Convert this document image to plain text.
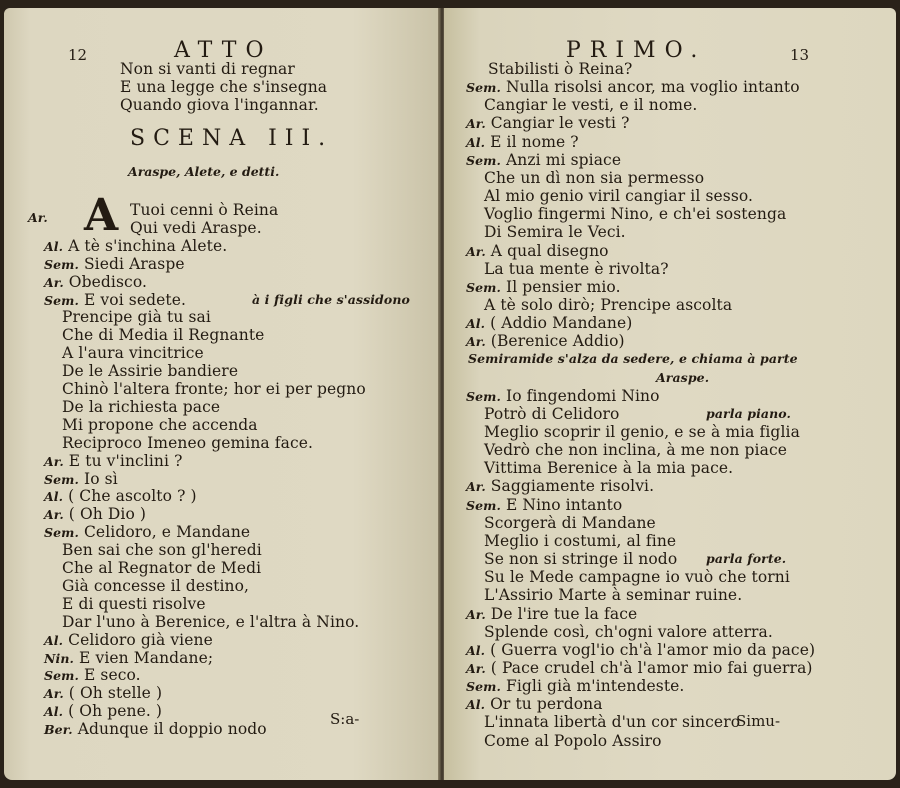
12	ATTO
SCENA III.
Araspe, Alete, e detti.
A
S:a-
Non si vanti di regnar
E una legge che s'insegna
Quando giova l'ingannar.
Tuoi cenni ò Reina
Ar.
Qui vedi Araspe.
Al. A tè s'inchina Alete.
Sem. Siedi Araspe
Ar. Obedisco.
Sem. E voi sedete.	à i figli che s'assidono
Prencipe già tu sai
Che di Media il Regnante
A l'aura vincitrice
De le Assirie bandiere
Chinò l'altera fronte; hor ei per pegno
De la richiesta pace
Mi propone che accenda
Reciproco Imeneo gemina face.
Ar. E tu v'inclini ?
Sem. Io sì
Al. ( Che ascolto ? )
Ar. ( Oh Dio )
Sem. Celidoro, e Mandane
Ben sai che son gl'heredi
Che al Regnator de Medi
Già concesse il destino,
E di questi risolve
Dar l'uno à Berenice, e l'altra à Nino.
Al. Celidoro già viene
Nin. E vien Mandane;
Sem. E seco.
Ar. ( Oh stelle )
Al. ( Oh pene. )
Ber. Adunque il doppio nodo
PRIMO.	13
Simu-
Stabilisti ò Reina?
Sem. Nulla risolsi ancor, ma voglio intanto
Cangiar le vesti, e il nome.
Ar. Cangiar le vesti ?
Al. E il nome ?
Sem. Anzi mi spiace
Che un dì non sia permesso
Al mio genio viril cangiar il sesso.
Voglio fingermi Nino, e ch'ei sostenga
Di Semira le Veci.
Ar. A qual disegno
La tua mente è rivolta?
Sem. Il pensier mio.
A tè solo dirò; Prencipe ascolta
Al. ( Addio Mandane)
Ar. (Berenice Addio)
Semiramide s'alza da sedere, e chiama à parte
Araspe.
Sem. Io fingendomi Nino
Potrò di Celidoro	parla piano.
Meglio scoprir il genio, e se à mia figlia
Vedrò che non inclina, à me non piace
Vittima Berenice à la mia pace.
Ar. Saggiamente risolvi.
Sem. E Nino intanto
Scorgerà di Mandane
Meglio i costumi, al fine
Se non si stringe il nodo parla forte.
Su le Mede campagne io vuò che torni
L'Assirio Marte à seminar ruine.
Ar. De l'ire tue la face
Splende così, ch'ogni valore atterra.
Al. ( Guerra vogl'io ch'à l'amor mio da pace)
Ar. ( Pace crudel ch'à l'amor mio fai guerra)
Sem. Figli già m'intendeste.
Al. Or tu perdona
L'innata libertà d'un cor sincero
Come al Popolo Assiro
